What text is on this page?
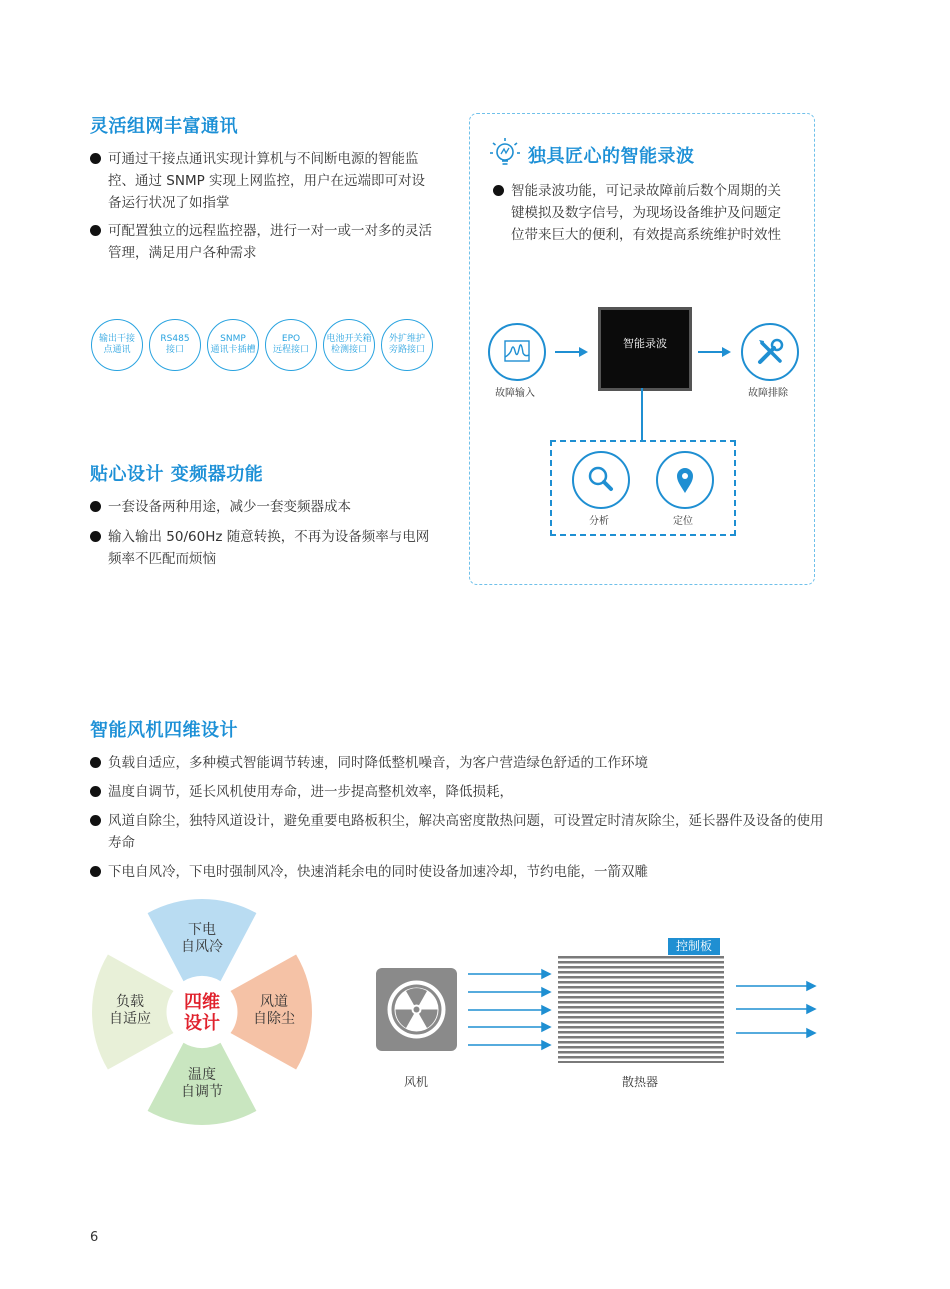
灵活组网丰富通讯
可通过干接点通讯实现计算机与不间断电源的智能监控、通过 SNMP 实现上网监控，用户在远端即可对设备运行状况了如指掌
可配置独立的远程监控器，进行一对一或一对多的灵活管理，满足用户各种需求
输出干接
点通讯
RS485
接口
SNMP
通讯卡插槽
EPO
远程接口
电池开关箱
检测接口
外扩维护
旁路接口
贴心设计 变频器功能
一套设备两种用途，减少一套变频器成本
输入输出 50/60Hz 随意转换，不再为设备频率与电网频率不匹配而烦恼
独具匠心的智能录波
智能录波功能，可记录故障前后数个周期的关键模拟及数字信号，为现场设备维护及问题定位带来巨大的便利，有效提高系统维护时效性
故障输入
智能录波
故障排除
分析	定位
智能风机四维设计
负载自适应，多种模式智能调节转速，同时降低整机噪音，为客户营造绿色舒适的工作环境
温度自调节，延长风机使用寿命，进一步提高整机效率，降低损耗，
风道自除尘，独特风道设计，避免重要电路板积尘，解决高密度散热问题，可设置定时清灰除尘，延长器件及设备的使用寿命
下电自风冷，下电时强制风冷，快速消耗余电的同时使设备加速冷却，节约电能，一箭双雕
下电
自风冷
负载
自适应
风道
自除尘
温度
自调节
四维
设计
风机
控制板
散热器
6
